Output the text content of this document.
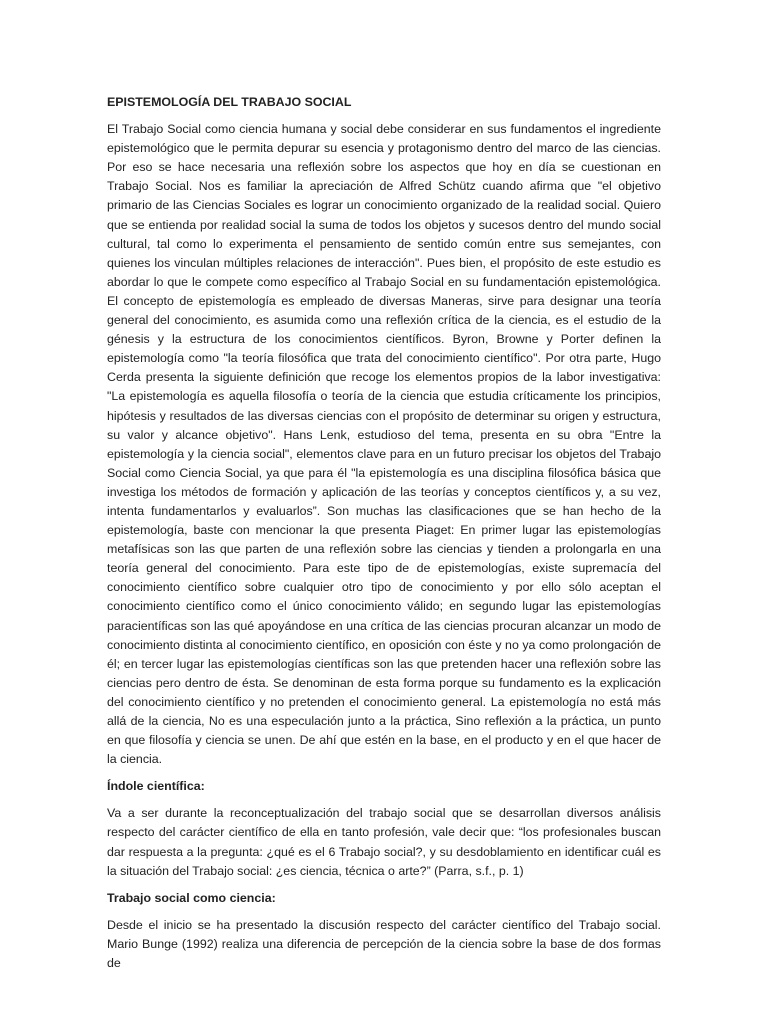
EPISTEMOLOGÍA DEL TRABAJO SOCIAL

El Trabajo Social como ciencia humana y social debe considerar en sus fundamentos el ingrediente epistemológico que le permita depurar su esencia y protagonismo dentro del marco de las ciencias. Por eso se hace necesaria una reflexión sobre los aspectos que hoy en día se cuestionan en Trabajo Social. Nos es familiar la apreciación de Alfred Schütz cuando afirma que "el objetivo primario de las Ciencias Sociales es lograr un conocimiento organizado de la realidad social. Quiero que se entienda por realidad social la suma de todos los objetos y sucesos dentro del mundo social cultural, tal como lo experimenta el pensamiento de sentido común entre sus semejantes, con quienes los vinculan múltiples relaciones de interacción". Pues bien, el propósito de este estudio es abordar lo que le compete como específico al Trabajo Social en su fundamentación epistemológica. El concepto de epistemología es empleado de diversas Maneras, sirve para designar una teoría general del conocimiento, es asumida como una reflexión crítica de la ciencia, es el estudio de la génesis y la estructura de los conocimientos científicos. Byron, Browne y Porter definen la epistemología como "la teoría filosófica que trata del conocimiento científico". Por otra parte, Hugo Cerda presenta la siguiente definición que recoge los elementos propios de la labor investigativa: "La epistemología es aquella filosofía o teoría de la ciencia que estudia críticamente los principios, hipótesis y resultados de las diversas ciencias con el propósito de determinar su origen y estructura, su valor y alcance objetivo". Hans Lenk, estudioso del tema, presenta en su obra "Entre la epistemología y la ciencia social", elementos clave para en un futuro precisar los objetos del Trabajo Social como Ciencia Social, ya que para él "la epistemología es una disciplina filosófica básica que investiga los métodos de formación y aplicación de las teorías y conceptos científicos y, a su vez, intenta fundamentarlos y evaluarlos”. Son muchas las clasificaciones que se han hecho de la epistemología, baste con mencionar la que presenta Piaget: En primer lugar las epistemologías metafísicas son las que parten de una reflexión sobre las ciencias y tienden a prolongarla en una teoría general del conocimiento. Para este tipo de de epistemologías, existe supremacía del conocimiento científico sobre cualquier otro tipo de conocimiento y por ello sólo aceptan el conocimiento científico como el único conocimiento válido; en segundo lugar las epistemologías paracientíficas son las qué apoyándose en una crítica de las ciencias procuran alcanzar un modo de conocimiento distinta al conocimiento científico, en oposición con éste y no ya como prolongación de él; en tercer lugar las epistemologías científicas son las que pretenden hacer una reflexión sobre las ciencias pero dentro de ésta. Se denominan de esta forma porque su fundamento es la explicación del conocimiento científico y no pretenden el conocimiento general. La epistemología no está más allá de la ciencia, No es una especulación junto a la práctica, Sino reflexión a la práctica, un punto en que filosofía y ciencia se unen. De ahí que estén en la base, en el producto y en el que hacer de la ciencia.

Índole científica:

Va a ser durante la reconceptualización del trabajo social que se desarrollan diversos análisis respecto del carácter científico de ella en tanto profesión, vale decir que: “los profesionales buscan dar respuesta a la pregunta: ¿qué es el 6 Trabajo social?, y su desdoblamiento en identificar cuál es la situación del Trabajo social: ¿es ciencia, técnica o arte?” (Parra, s.f., p. 1)

Trabajo social como ciencia:

Desde el inicio se ha presentado la discusión respecto del carácter científico del Trabajo social. Mario Bunge (1992) realiza una diferencia de percepción de la ciencia sobre la base de dos formas de
